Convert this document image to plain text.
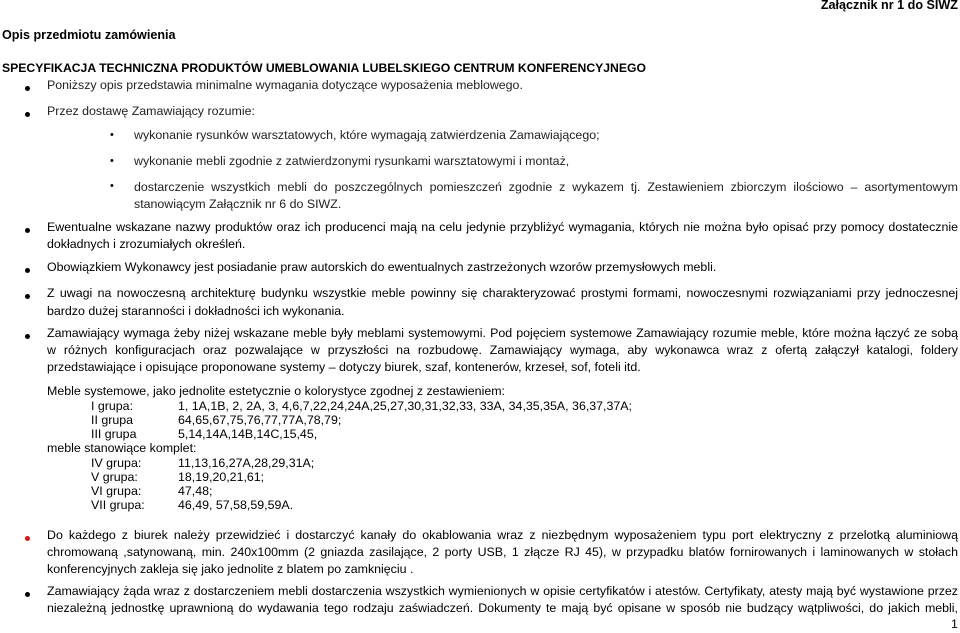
Załącznik nr 1 do SIWZ
Opis przedmiotu zamówienia
SPECYFIKACJA TECHNICZNA PRODUKTÓW UMEBLOWANIA LUBELSKIEGO CENTRUM KONFERENCYJNEGO
Poniższy opis przedstawia minimalne wymagania dotyczące wyposażenia meblowego.
Przez dostawę Zamawiający rozumie:
• wykonanie rysunków warsztatowych, które wymagają zatwierdzenia Zamawiającego;
• wykonanie mebli zgodnie z zatwierdzonymi rysunkami warsztatowymi i montaż,
• dostarczenie wszystkich mebli do poszczególnych pomieszczeń zgodnie z wykazem tj. Zestawieniem zbiorczym ilościowo – asortymentowym
stanowiącym Załącznik nr 6 do SIWZ.
Ewentualne wskazane nazwy produktów oraz ich producenci mają na celu jedynie przybliżyć wymagania, których nie można było opisać przy pomocy dostatecznie
dokładnych i zrozumiałych określeń.
Obowiązkiem Wykonawcy jest posiadanie praw autorskich do ewentualnych zastrzeżonych wzorów przemysłowych mebli.
Z uwagi na nowoczesną architekturę budynku wszystkie meble powinny się charakteryzować prostymi formami, nowoczesnymi rozwiązaniami przy jednoczesnej
bardzo dużej staranności i dokładności ich wykonania.
Zamawiający wymaga żeby niżej wskazane meble były meblami systemowymi. Pod pojęciem systemowe Zamawiający rozumie meble, które można łączyć ze sobą
w różnych konfiguracjach oraz pozwalające w przyszłości na rozbudowę. Zamawiający wymaga, aby wykonawca wraz z ofertą załączył katalogi, foldery
przedstawiające i opisujące proponowane systemy – dotyczy biurek, szaf, kontenerów, krzeseł, sof, foteli itd.
Meble systemowe, jako jednolite estetycznie o kolorystyce zgodnej z zestawieniem:
I grupa:	1, 1A,1B, 2, 2A, 3, 4,6,7,22,24,24A,25,27,30,31,32,33, 33A, 34,35,35A, 36,37,37A;
II grupa	64,65,67,75,76,77,77A,78,79;
III grupa	5,14,14A,14B,14C,15,45,
meble stanowiące komplet:
IV grupa:	11,13,16,27A,28,29,31A;
V grupa:	18,19,20,21,61;
VI grupa:	47,48;
VII grupa:	46,49, 57,58,59,59A.
Do każdego z biurek należy przewidzieć i dostarczyć kanały do okablowania wraz z niezbędnym wyposażeniem typu port elektryczny z przelotką aluminiową
chromowaną ,satynowaną, min. 240x100mm (2 gniazda zasilające, 2 porty USB, 1 złącze RJ 45), w przypadku blatów fornirowanych i laminowanych w stołach
konferencyjnych zakleja się jako jednolite z blatem po zamknięciu .
Zamawiający żąda wraz z dostarczeniem mebli dostarczenia wszystkich wymienionych w opisie certyfikatów i atestów. Certyfikaty, atesty mają być wystawione przez
niezależną jednostkę uprawnioną do wydawania tego rodzaju zaświadczeń. Dokumenty te mają być opisane w sposób nie budzący wątpliwości, do jakich mebli,
1
